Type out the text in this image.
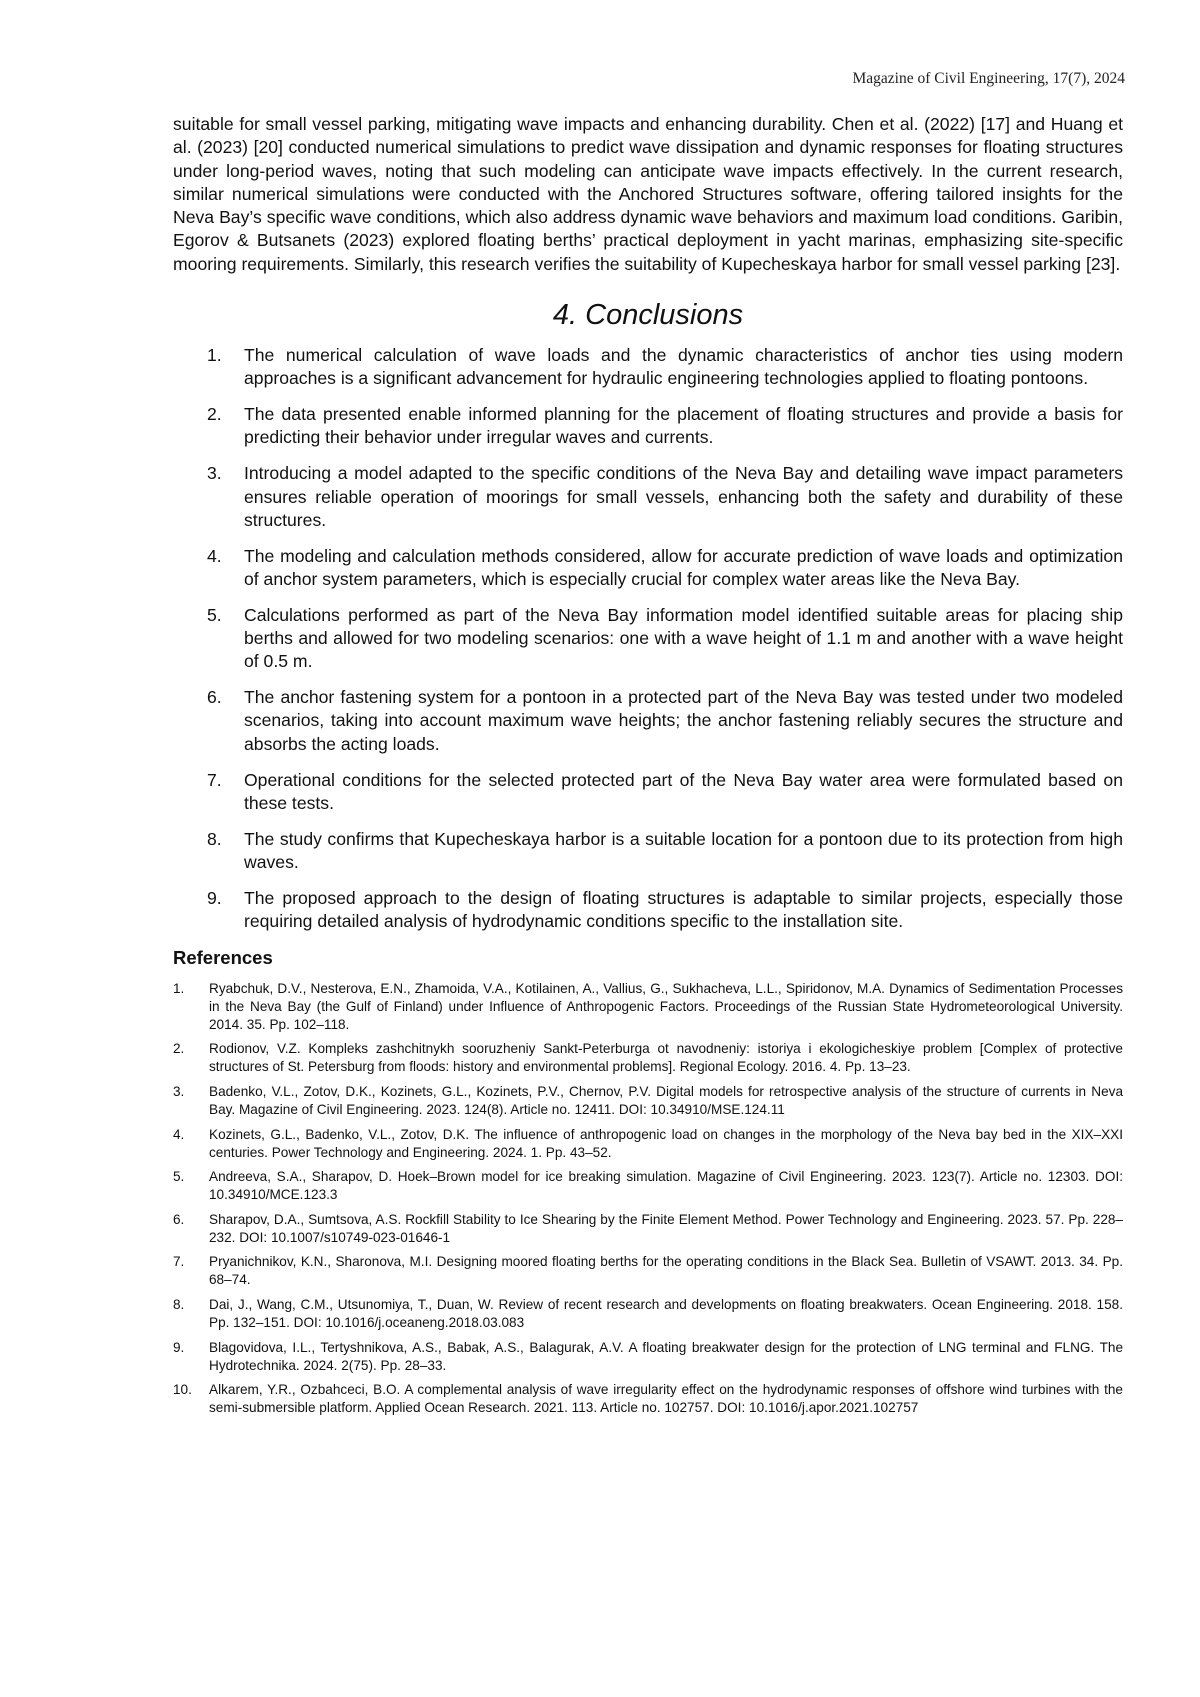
Magazine of Civil Engineering, 17(7), 2024

suitable for small vessel parking, mitigating wave impacts and enhancing durability. Chen et al. (2022) [17] and Huang et al. (2023) [20] conducted numerical simulations to predict wave dissipation and dynamic responses for floating structures under long-period waves, noting that such modeling can anticipate wave impacts effectively. In the current research, similar numerical simulations were conducted with the Anchored Structures software, offering tailored insights for the Neva Bay’s specific wave conditions, which also address dynamic wave behaviors and maximum load conditions. Garibin, Egorov & Butsanets (2023) explored floating berths’ practical deployment in yacht marinas, emphasizing site-specific mooring requirements. Similarly, this research verifies the suitability of Kupecheskaya harbor for small vessel parking [23].

4. Conclusions
1. The numerical calculation of wave loads and the dynamic characteristics of anchor ties using modern approaches is a significant advancement for hydraulic engineering technologies applied to floating pontoons.
2. The data presented enable informed planning for the placement of floating structures and provide a basis for predicting their behavior under irregular waves and currents.
3. Introducing a model adapted to the specific conditions of the Neva Bay and detailing wave impact parameters ensures reliable operation of moorings for small vessels, enhancing both the safety and durability of these structures.
4. The modeling and calculation methods considered, allow for accurate prediction of wave loads and optimization of anchor system parameters, which is especially crucial for complex water areas like the Neva Bay.
5. Calculations performed as part of the Neva Bay information model identified suitable areas for placing ship berths and allowed for two modeling scenarios: one with a wave height of 1.1 m and another with a wave height of 0.5 m.
6. The anchor fastening system for a pontoon in a protected part of the Neva Bay was tested under two modeled scenarios, taking into account maximum wave heights; the anchor fastening reliably secures the structure and absorbs the acting loads.
7. Operational conditions for the selected protected part of the Neva Bay water area were formulated based on these tests.
8. The study confirms that Kupecheskaya harbor is a suitable location for a pontoon due to its protection from high waves.
9. The proposed approach to the design of floating structures is adaptable to similar projects, especially those requiring detailed analysis of hydrodynamic conditions specific to the installation site.
References
1. Ryabchuk, D.V., Nesterova, E.N., Zhamoida, V.A., Kotilainen, A., Vallius, G., Sukhacheva, L.L., Spiridonov, M.A. Dynamics of Sedimentation Processes in the Neva Bay (the Gulf of Finland) under Influence of Anthropogenic Factors. Proceedings of the Russian State Hydrometeorological University. 2014. 35. Pp. 102–118.
2. Rodionov, V.Z. Kompleks zashchitnykh sooruzheniy Sankt-Peterburga ot navodneniy: istoriya i ekologicheskiye problem [Complex of protective structures of St. Petersburg from floods: history and environmental problems]. Regional Ecology. 2016. 4. Pp. 13–23.
3. Badenko, V.L., Zotov, D.K., Kozinets, G.L., Kozinets, P.V., Chernov, P.V. Digital models for retrospective analysis of the structure of currents in Neva Bay. Magazine of Civil Engineering. 2023. 124(8). Article no. 12411. DOI: 10.34910/MSE.124.11
4. Kozinets, G.L., Badenko, V.L., Zotov, D.K. The influence of anthropogenic load on changes in the morphology of the Neva bay bed in the XIX–XXI centuries. Power Technology and Engineering. 2024. 1. Pp. 43–52.
5. Andreeva, S.A., Sharapov, D. Hoek–Brown model for ice breaking simulation. Magazine of Civil Engineering. 2023. 123(7). Article no. 12303. DOI: 10.34910/MCE.123.3
6. Sharapov, D.A., Sumtsova, A.S. Rockfill Stability to Ice Shearing by the Finite Element Method. Power Technology and Engineering. 2023. 57. Pp. 228–232. DOI: 10.1007/s10749-023-01646-1
7. Pryanichnikov, K.N., Sharonova, M.I. Designing moored floating berths for the operating conditions in the Black Sea. Bulletin of VSAWT. 2013. 34. Pp. 68–74.
8. Dai, J., Wang, C.M., Utsunomiya, T., Duan, W. Review of recent research and developments on floating breakwaters. Ocean Engineering. 2018. 158. Pp. 132–151. DOI: 10.1016/j.oceaneng.2018.03.083
9. Blagovidova, I.L., Tertyshnikova, A.S., Babak, A.S., Balagurak, A.V. A floating breakwater design for the protection of LNG terminal and FLNG. The Hydrotechnika. 2024. 2(75). Pp. 28–33.
10. Alkarem, Y.R., Ozbahceci, B.O. A complemental analysis of wave irregularity effect on the hydrodynamic responses of offshore wind turbines with the semi-submersible platform. Applied Ocean Research. 2021. 113. Article no. 102757. DOI: 10.1016/j.apor.2021.102757
